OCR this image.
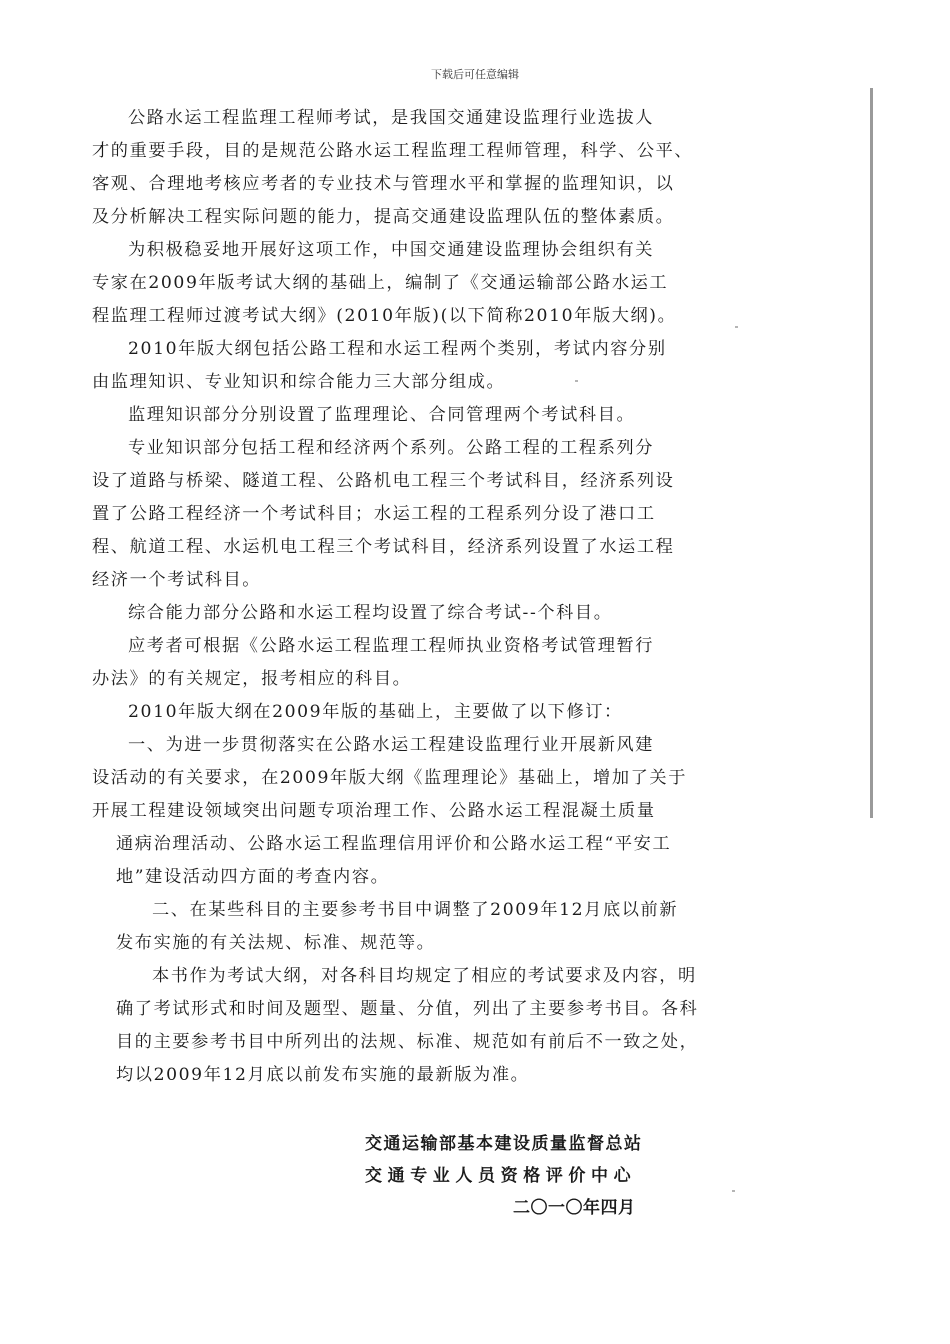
下载后可任意编辑
公路水运工程监理工程师考试，是我国交通建设监理行业选拔人
才的重要手段，目的是规范公路水运工程监理工程师管理，科学、公平、
客观、合理地考核应考者的专业技术与管理水平和掌握的监理知识，以
及分析解决工程实际问题的能力，提高交通建设监理队伍的整体素质。
为积极稳妥地开展好这项工作，中国交通建设监理协会组织有关
专家在2009年版考试大纲的基础上，编制了《交通运输部公路水运工
程监理工程师过渡考试大纲》(2010年版)(以下简称2010年版大纲)。
2010年版大纲包括公路工程和水运工程两个类别，考试内容分别
由监理知识、专业知识和综合能力三大部分组成。
监理知识部分分别设置了监理理论、合同管理两个考试科目。
专业知识部分包括工程和经济两个系列。公路工程的工程系列分
设了道路与桥梁、隧道工程、公路机电工程三个考试科目，经济系列设
置了公路工程经济一个考试科目；水运工程的工程系列分设了港口工
程、航道工程、水运机电工程三个考试科目，经济系列设置了水运工程
经济一个考试科目。
综合能力部分公路和水运工程均设置了综合考试--个科目。
应考者可根据《公路水运工程监理工程师执业资格考试管理暂行
办法》的有关规定，报考相应的科目。
2010年版大纲在2009年版的基础上，主要做了以下修订：
一、为进一步贯彻落实在公路水运工程建设监理行业开展新风建
设活动的有关要求，在2009年版大纲《监理理论》基础上，增加了关于
开展工程建设领域突出问题专项治理工作、公路水运工程混凝土质量
通病治理活动、公路水运工程监理信用评价和公路水运工程“平安工
地”建设活动四方面的考查内容。
二、在某些科目的主要参考书目中调整了2009年12月底以前新
发布实施的有关法规、标准、规范等。
本书作为考试大纲，对各科目均规定了相应的考试要求及内容，明
确了考试形式和时间及题型、题量、分值，列出了主要参考书目。各科
目的主要参考书目中所列出的法规、标准、规范如有前后不一致之处，
均以2009年12月底以前发布实施的最新版为准。
交通运输部基本建设质量监督总站
交通专业人员资格评价中心
二〇一〇年四月
